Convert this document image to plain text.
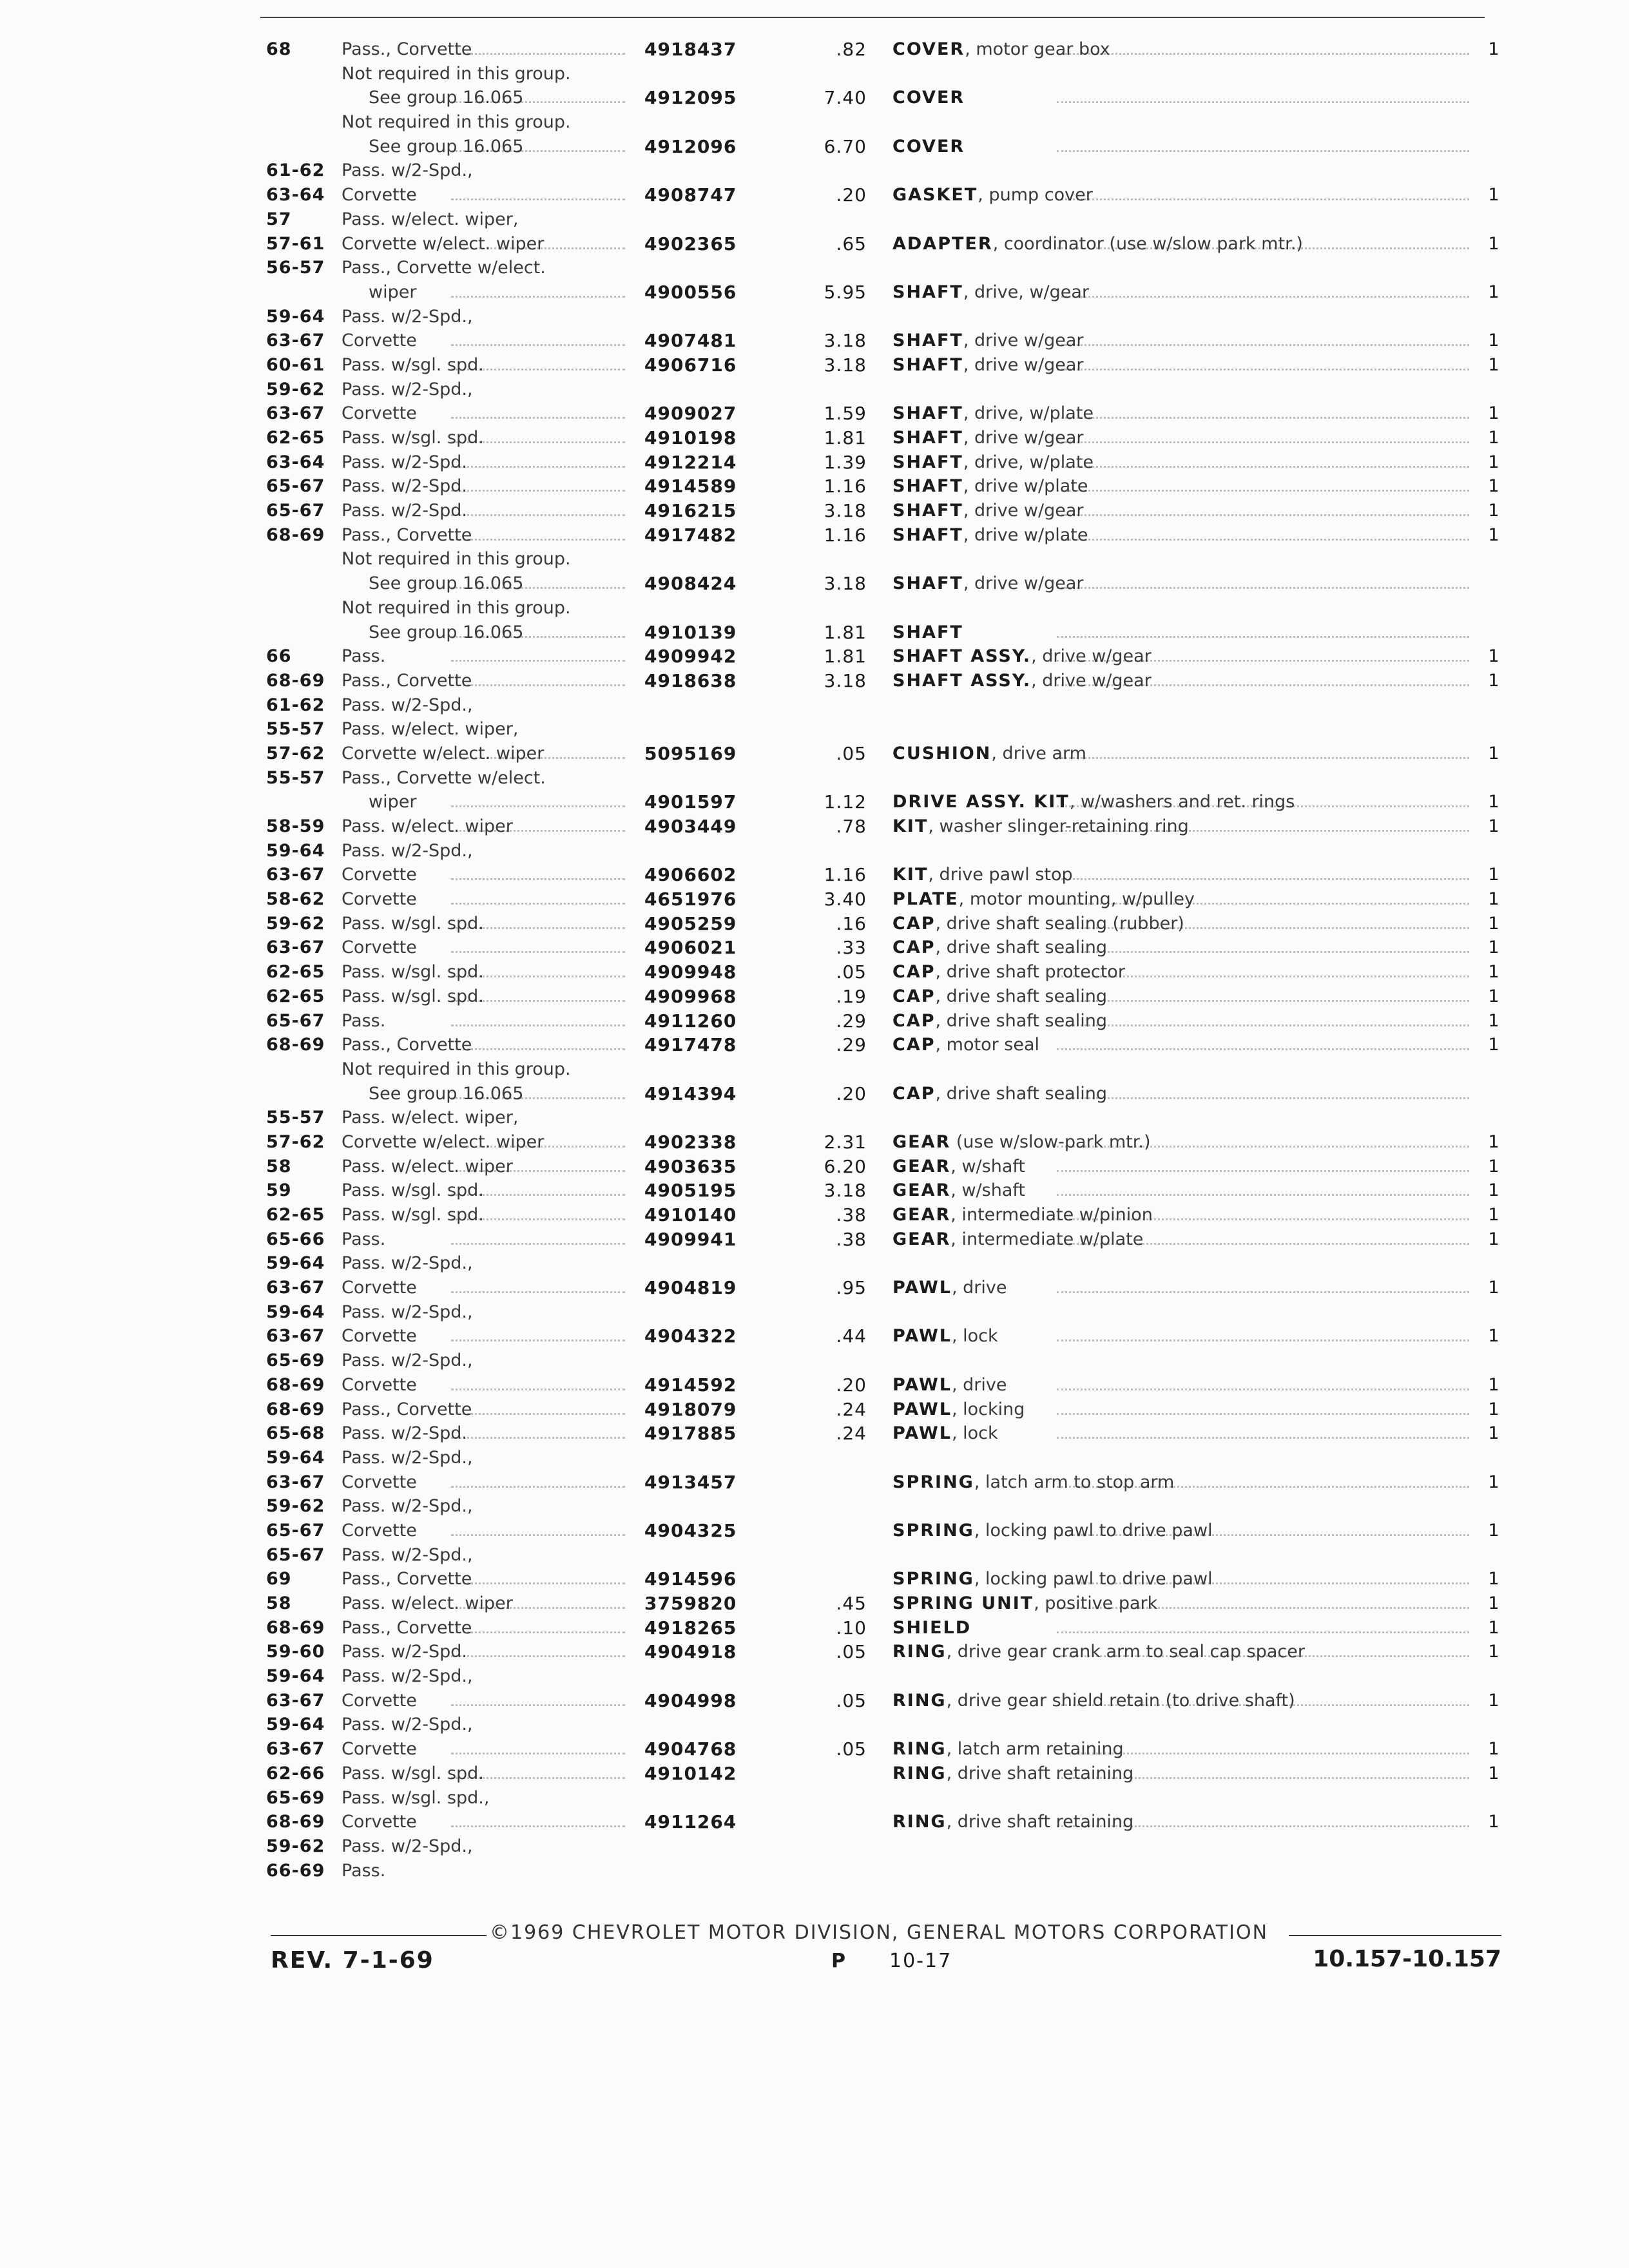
68	Pass., Corvette	4918437	.82 COVER, motor gear box	1
Not required in this group.
See group 16.065	4912095	7.40 COVER
Not required in this group.
See group 16.065	4912096	6.70 COVER
61-62 Pass. w/2-Spd.,
63-64 Corvette	4908747	.20 GASKET, pump cover	1
57	Pass. w/elect. wiper,
57-61 Corvette w/elect. wiper	4902365	.65 ADAPTER, coordinator (use w/slow park mtr.)	1
56-57 Pass., Corvette w/elect.
wiper	4900556	5.95 SHAFT, drive, w/gear	1
59-64 Pass. w/2-Spd.,
63-67 Corvette	4907481	3.18 SHAFT, drive w/gear	1
60-61 Pass. w/sgl. spd.	4906716	3.18 SHAFT, drive w/gear	1
59-62 Pass. w/2-Spd.,
63-67 Corvette	4909027	1.59 SHAFT, drive, w/plate	1
62-65 Pass. w/sgl. spd.	4910198	1.81 SHAFT, drive w/gear	1
63-64 Pass. w/2-Spd.	4912214	1.39 SHAFT, drive, w/plate	1
65-67 Pass. w/2-Spd.	4914589	1.16 SHAFT, drive w/plate	1
65-67 Pass. w/2-Spd.	4916215	3.18 SHAFT, drive w/gear	1
68-69 Pass., Corvette	4917482	1.16 SHAFT, drive w/plate	1
Not required in this group.
See group 16.065	4908424	3.18 SHAFT, drive w/gear
Not required in this group.
See group 16.065	4910139	1.81 SHAFT
66	Pass.	4909942	1.81 SHAFT ASSY., drive w/gear	1
68-69 Pass., Corvette	4918638	3.18 SHAFT ASSY., drive w/gear	1
61-62 Pass. w/2-Spd.,
55-57 Pass. w/elect. wiper,
57-62 Corvette w/elect. wiper	5095169	.05 CUSHION, drive arm	1
55-57 Pass., Corvette w/elect.
wiper	4901597	1.12 DRIVE ASSY. KIT, w/washers and ret. rings	1
58-59 Pass. w/elect. wiper	4903449	.78 KIT, washer slinger-retaining ring	1
59-64 Pass. w/2-Spd.,
63-67 Corvette	4906602	1.16 KIT, drive pawl stop	1
58-62 Corvette	4651976	3.40 PLATE, motor mounting, w/pulley	1
59-62 Pass. w/sgl. spd.	4905259	.16 CAP, drive shaft sealing (rubber)	1
63-67 Corvette	4906021	.33 CAP, drive shaft sealing	1
62-65 Pass. w/sgl. spd.	4909948	.05 CAP, drive shaft protector	1
62-65 Pass. w/sgl. spd.	4909968	.19 CAP, drive shaft sealing	1
65-67 Pass.	4911260	.29 CAP, drive shaft sealing	1
68-69 Pass., Corvette	4917478	.29 CAP, motor seal	1
Not required in this group.
See group 16.065	4914394	.20 CAP, drive shaft sealing
55-57 Pass. w/elect. wiper,
57-62 Corvette w/elect. wiper	4902338	2.31 GEAR (use w/slow-park mtr.)	1
58	Pass. w/elect. wiper	4903635	6.20 GEAR, w/shaft	1
59	Pass. w/sgl. spd.	4905195	3.18 GEAR, w/shaft	1
62-65 Pass. w/sgl. spd.	4910140	.38 GEAR, intermediate w/pinion	1
65-66 Pass.	4909941	.38 GEAR, intermediate w/plate	1
59-64 Pass. w/2-Spd.,
63-67 Corvette	4904819	.95 PAWL, drive	1
59-64 Pass. w/2-Spd.,
63-67 Corvette	4904322	.44 PAWL, lock	1
65-69 Pass. w/2-Spd.,
68-69 Corvette	4914592	.20 PAWL, drive	1
68-69 Pass., Corvette	4918079	.24 PAWL, locking	1
65-68 Pass. w/2-Spd.	4917885	.24 PAWL, lock	1
59-64 Pass. w/2-Spd.,
63-67 Corvette	4913457	SPRING, latch arm to stop arm	1
59-62 Pass. w/2-Spd.,
65-67 Corvette	4904325	SPRING, locking pawl to drive pawl	1
65-67 Pass. w/2-Spd.,
69	Pass., Corvette	4914596	SPRING, locking pawl to drive pawl	1
58	Pass. w/elect. wiper	3759820	.45 SPRING UNIT, positive park	1
68-69 Pass., Corvette	4918265	.10 SHIELD	1
59-60 Pass. w/2-Spd.	4904918	.05 RING, drive gear crank arm to seal cap spacer	1
59-64 Pass. w/2-Spd.,
63-67 Corvette	4904998	.05 RING, drive gear shield retain (to drive shaft)	1
59-64 Pass. w/2-Spd.,
63-67 Corvette	4904768	.05 RING, latch arm retaining	1
62-66 Pass. w/sgl. spd.	4910142	RING, drive shaft retaining	1
65-69 Pass. w/sgl. spd.,
68-69 Corvette	4911264	RING, drive shaft retaining	1
59-62 Pass. w/2-Spd.,
66-69 Pass.
©1969 CHEVROLET MOTOR DIVISION, GENERAL MOTORS CORPORATION
REV. 7-1-69	P 10-17	10.157-10.157
